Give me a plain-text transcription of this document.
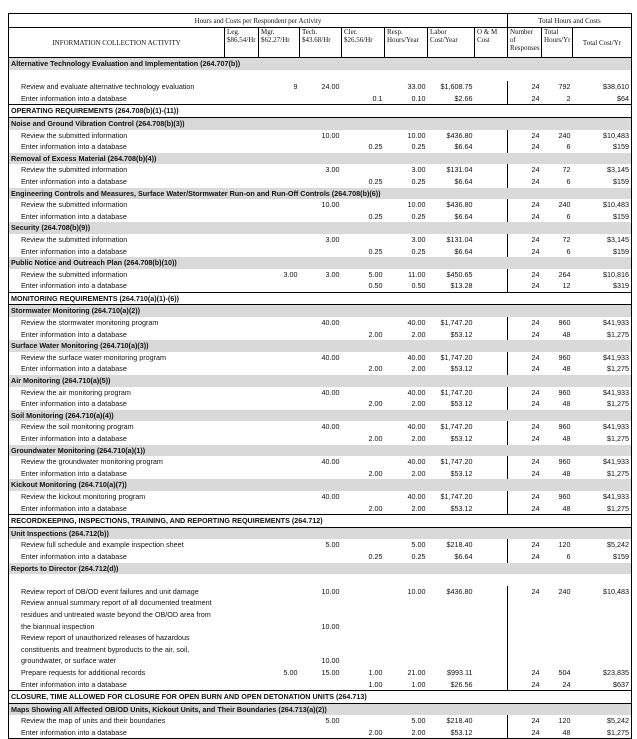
Hours and Costs per Respondent per Activity								Total Hours and Costs		
INFORMATION COLLECTION ACTIVITY	Leg. $86.54/Hr	Mgr. $62.27/Hr	Tech. $43.68/Hr	Cler. $26.56/Hr	Resp. Hours/Year	Labor Cost/Year	O & M Cost	Number of Responses	Total Hours/Yr	Total Cost/Yr
Alternative Technology Evaluation and Implementation (264.707(b))										

Review and evaluate alternative technology evaluation		9	24.00		33.00	$1,608.75		24	792	$38,610
Enter information into a database				0.1	0.10	$2.66		24	2	$64
OPERATING REQUIREMENTS (264.708(b)(1)-(11))										
Noise and Ground Vibration Control (264.708(b)(3))										
Review the submitted information			10.00		10.00	$436.80		24	240	$10,483
Enter information into a database				0.25	0.25	$6.64		24	6	$159
Removal of Excess Material (264.708(b)(4))										
Review the submitted information			3.00		3.00	$131.04		24	72	$3,145
Enter information into a database				0.25	0.25	$6.64		24	6	$159
Engineering Controls and Measures, Surface Water/Stormwater Run-on and Run-Off Controls (264.708(b)(6))										
Review the submitted information			10.00		10.00	$436.80		24	240	$10,483
Enter information into a database				0.25	0.25	$6.64		24	6	$159
Security (264.708(b)(9))										
Review the submitted information			3.00		3.00	$131.04		24	72	$3,145
Enter information into a database				0.25	0.25	$6.64		24	6	$159
Public Notice and Outreach Plan (264.708(b)(10))										
Review the submitted information		3.00	3.00	5.00	11.00	$450.65		24	264	$10,816
Enter information into a database				0.50	0.50	$13.28		24	12	$319
MONITORING REQUIREMENTS (264.710(a)(1)-(6))										
Stormwater Monitoring (264.710(a)(2))										
Review the stormwater monitoring program			40.00		40.00	$1,747.20		24	960	$41,933
Enter information into a database				2.00	2.00	$53.12		24	48	$1,275
Surface Water Monitoring (264.710(a)(3))										
Review the surface water monitoring program			40.00		40.00	$1,747.20		24	960	$41,933
Enter information into a database				2.00	2.00	$53.12		24	48	$1,275
Air Monitoring (264.710(a)(5))										
Review the air monitoring program			40.00		40.00	$1,747.20		24	960	$41,933
Enter information into a database				2.00	2.00	$53.12		24	48	$1,275
Soil Monitoring (264.710(a)(4))										
Review the soil monitoring program			40.00		40.00	$1,747.20		24	960	$41,933
Enter information into a database				2.00	2.00	$53.12		24	48	$1,275
Groundwater Monitoring (264.710(a)(1))										
Review the groundwater monitoring program			40.00		40.00	$1,747.20		24	960	$41,933
Enter information into a database				2.00	2.00	$53.12		24	48	$1,275
Kickout Monitoring (264.710(a)(7))										
Review the kickout monitoring program			40.00		40.00	$1,747.20		24	960	$41,933
Enter information into a database				2.00	2.00	$53.12		24	48	$1,275
RECORDKEEPING, INSPECTIONS, TRAINING, AND REPORTING REQUIREMENTS (264.712)										
Unit Inspections (264.712(b))										
Review full schedule and example inspection sheet			5.00		5.00	$218.40		24	120	$5,242
Enter information into a database				0.25	0.25	$6.64		24	6	$159
Reports to Director (264.712(d))										

Review report of OB/OD event failures and unit damage			10.00		10.00	$436.80		24	240	$10,483
Review annual summary report of all documented treatment residues and untreated waste beyond the OB/OD area from the biannual inspection			10.00							
Review report of unauthorized releases of hazardous constituents and treatment byproducts to the air, soil, groundwater, or surface water			10.00							
Prepare requests for additional records		5.00	15.00	1.00	21.00	$993.11		24	504	$23,835
Enter information into a database				1.00	1.00	$26.56		24	24	$637
CLOSURE, TIME ALLOWED FOR CLOSURE FOR OPEN BURN AND OPEN DETONATION UNITS (264.713)										
Maps Showing All Affected OB/OD Units, Kickout Units, and Their Boundaries (264.713(a)(2))										
Review the map of units and their boundaries			5.00		5.00	$218.40		24	120	$5,242
Enter information into a database				2.00	2.00	$53.12		24	48	$1,275
